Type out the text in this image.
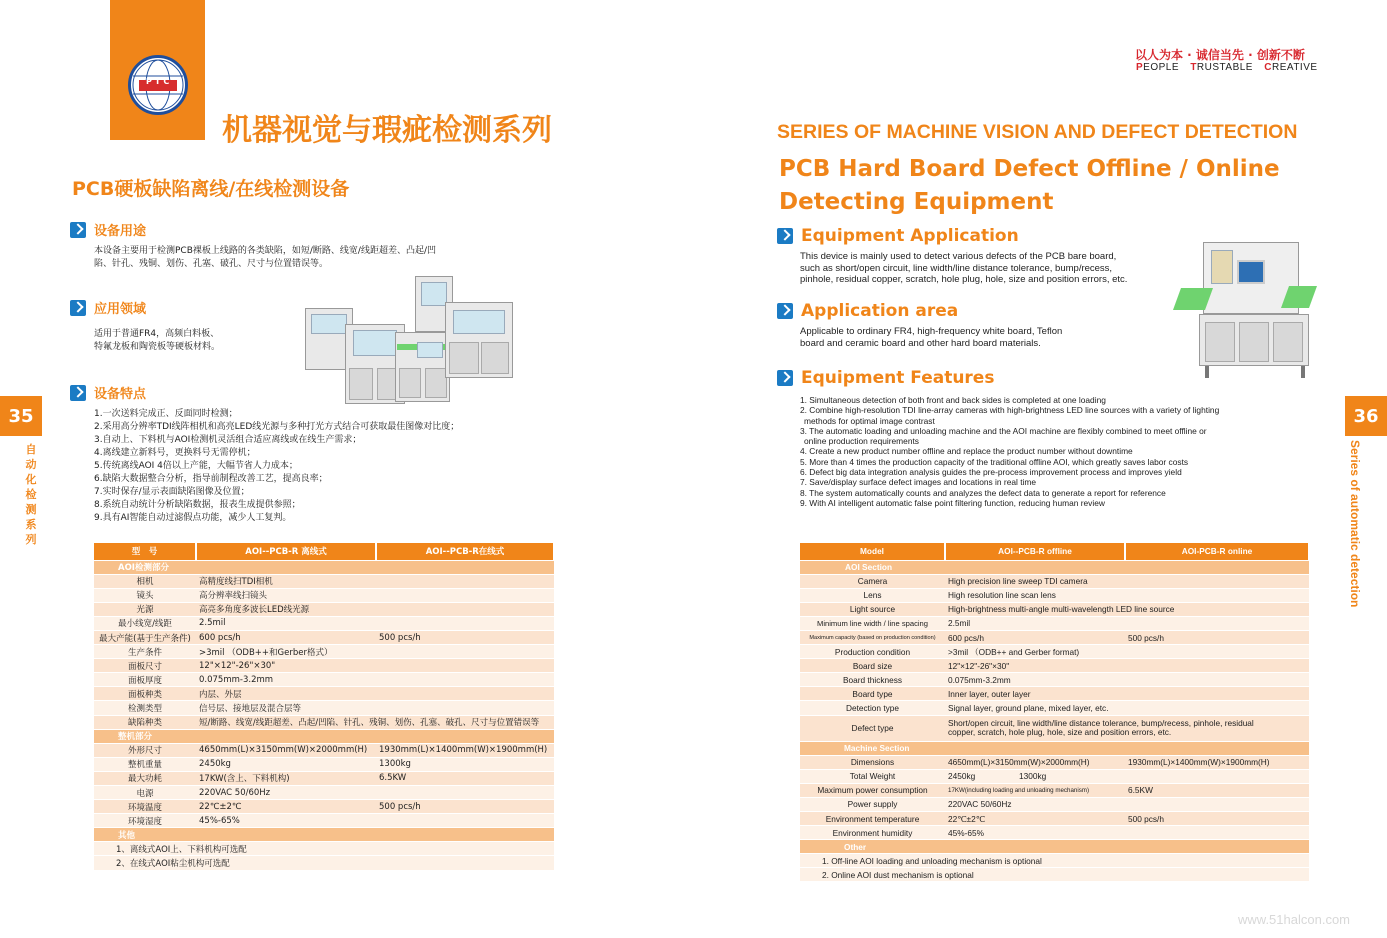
PTC
机器视觉与瑕疵检测系列
PCB硬板缺陷离线/在线检测设备
设备用途
本设备主要用于检测PCB裸板上线路的各类缺陷，如短/断路、线宽/线距超差、凸起/凹
陷、针孔、残铜、划伤、孔塞、破孔、尺寸与位置错误等。
应用领域
适用于普通FR4，高频白料板、
特氟龙板和陶瓷板等硬板材料。
设备特点
1.一次送料完成正、反面同时检测；
2.采用高分辨率TDI线阵相机和高亮LED线光源与多种打光方式结合可获取最佳图像对比度；
3.自动上、下料机与AOI检测机灵活组合适应离线或在线生产需求；
4.离线建立新料号，更换料号无需停机；
5.传统离线AOI 4倍以上产能，大幅节省人力成本；
6.缺陷大数据整合分析，指导前制程改善工艺，提高良率；
7.实时保存/显示表面缺陷图像及位置；
8.系统自动统计分析缺陷数据，报表生成提供参照；
9.具有AI智能自动过滤假点功能，减少人工复判。
35
自动化检测系列
型　号	AOI--PCB-R 离线式	AOI--PCB-R在线式
AOI检测部分		
相机	高精度线扫TDI相机	
镜头	高分辨率线扫镜头	
光源	高亮多角度多波长LED线光源	
最小线宽/线距	2.5mil	
最大产能(基于生产条件)	600 pcs/h	500 pcs/h
生产条件	>3mil （ODB++和Gerber格式）	
面板尺寸	12"×12"-26"×30"	
面板厚度	0.075mm-3.2mm	
面板种类	内层、外层	
检测类型	信号层、接地层及混合层等	
缺陷种类	短/断路、线宽/线距超差、凸起/凹陷、针孔、残铜、划伤、孔塞、破孔、尺寸与位置错误等	
整机部分		
外形尺寸	4650mm(L)×3150mm(W)×2000mm(H)	1930mm(L)×1400mm(W)×1900mm(H)
整机重量	2450kg	1300kg
最大功耗	17KW(含上、下料机构)	6.5KW
电源	220VAC 50/60Hz	
环境温度	22℃±2℃	500 pcs/h
环境湿度	45%-65%	
其他		
1、离线式AOI上、下料机构可选配		
2、在线式AOI粘尘机构可选配		
以人为本 · 诚信当先 · 创新不断
PEOPLE TRUSTABLE CREATIVE
SERIES OF MACHINE VISION AND DEFECT DETECTION
PCB Hard Board Defect Offline / Online
Detecting Equipment
Equipment Application
This device is mainly used to detect various defects of the PCB bare board,
such as short/open circuit, line width/line distance tolerance, bump/recess,
pinhole, residual copper, scratch, hole plug, hole, size and position errors, etc.
Application area
Applicable to ordinary FR4, high-frequency white board, Teflon
board and ceramic board and other hard board materials.
Equipment Features
1. Simultaneous detection of both front and back sides is completed at one loading
2. Combine high-resolution TDI line-array cameras with high-brightness LED line sources with a variety of lighting
methods for optimal image contrast
3. The automatic loading and unloading machine and the AOI machine are flexibly combined to meet offline or
online production requirements
4. Create a new product number offline and replace the product number without downtime
5. More than 4 times the production capacity of the traditional offline AOI, which greatly saves labor costs
6. Defect big data integration analysis guides the pre-process improvement process and improves yield
7. Save/display surface defect images and locations in real time
8. The system automatically counts and analyzes the defect data to generate a report for reference
9. With AI intelligent automatic false point filtering function, reducing human review
36
Series of automatic detection
Model	AOI--PCB-R offline	AOI-PCB-R online
AOI Section		
Camera	High precision line sweep TDI camera	
Lens	High resolution line scan lens	
Light source	High-brightness multi-angle multi-wavelength LED line source	
Minimum line width / line spacing	2.5mil	
Maximum capacity (based on production condition)	600 pcs/h	500 pcs/h
Production condition	>3mil （ODB++ and Gerber format)	
Board size	12"×12"-26"×30"	
Board thickness	0.075mm-3.2mm	
Board type	Inner layer, outer layer	
Detection type	Signal layer, ground plane, mixed layer, etc.	
Defect type	Short/open circuit, line width/line distance tolerance, bump/recess, pinhole, residual
copper, scratch, hole plug, hole, size and position errors, etc.	

Machine Section		
Dimensions	4650mm(L)×3150mm(W)×2000mm(H)	1930mm(L)×1400mm(W)×1900mm(H)
Total Weight	2450kg                   1300kg	
Maximum power consumption	17KW(including loading and unloading mechanism)	6.5KW
Power supply	220VAC 50/60Hz	
Environment temperature	22℃±2℃	500 pcs/h
Environment humidity	45%-65%	
Other		
1. Off-line AOI loading and unloading mechanism is optional		
2. Online AOI dust mechanism is optional		
www.51halcon.com
